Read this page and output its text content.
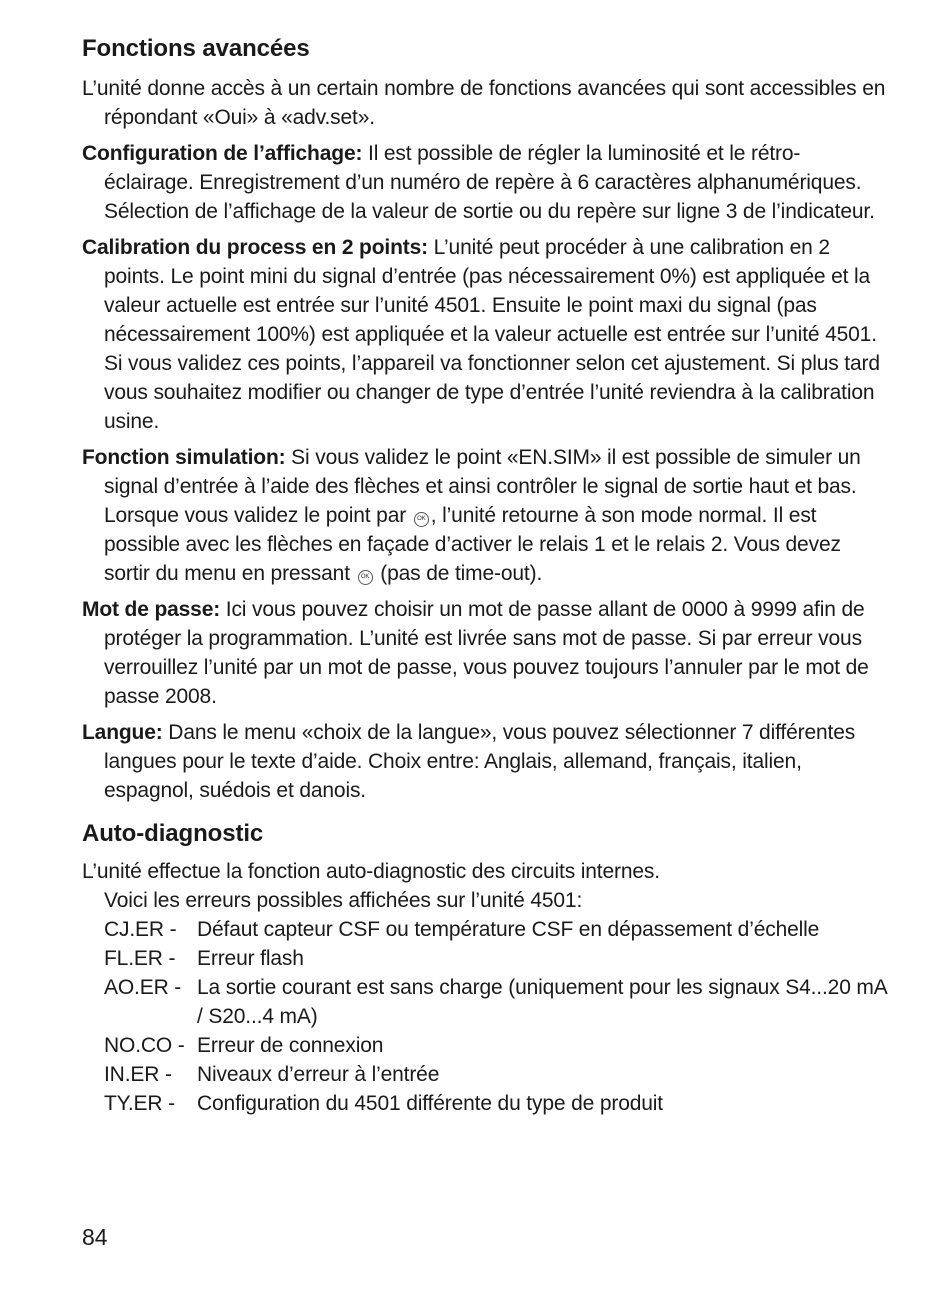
Fonctions avancées

L’unité donne accès à un certain nombre de fonctions avancées qui sont accessibles en répondant «Oui» à «adv.set».

Configuration de l’affichage: Il est possible de régler la luminosité et le rétro-éclairage. Enregistrement d’un numéro de repère à 6 caractères alphanumériques. Sélection de l’affichage de la valeur de sortie ou du repère sur ligne 3 de l’indicateur.

Calibration du process en 2 points: L’unité peut procéder à une calibration en 2 points. Le point mini du signal d’entrée (pas nécessairement 0%) est appliquée et la valeur actuelle est entrée sur l’unité 4501. Ensuite le point maxi du signal (pas nécessairement 100%) est appliquée et la valeur actuelle est entrée sur l’unité 4501. Si vous validez ces points, l’appareil va fonctionner selon cet ajustement. Si plus tard vous souhaitez modifier ou changer de type d’entrée l’unité reviendra à la calibration usine.

Fonction simulation: Si vous validez le point «EN.SIM» il est possible de simuler un signal d’entrée à l’aide des flèches et ainsi contrôler le signal de sortie haut et bas. Lorsque vous validez le point par OK , l’unité retourne à son mode normal. Il est possible avec les flèches en façade d’activer le relais 1 et le relais 2. Vous devez sortir du menu en pressant OK (pas de time-out).

Mot de passe: Ici vous pouvez choisir un mot de passe allant de 0000 à 9999 afin de protéger la programmation. L’unité est livrée sans mot de passe. Si par erreur vous verrouillez l’unité par un mot de passe, vous pouvez toujours l’annuler par le mot de passe 2008.

Langue: Dans le menu «choix de la langue», vous pouvez sélectionner 7 différentes langues pour le texte d’aide. Choix entre: Anglais, allemand, français, italien, espagnol, suédois et danois.

Auto-diagnostic

L’unité effectue la fonction auto-diagnostic des circuits internes.

Voici les erreurs possibles affichées sur l’unité 4501:

CJ.ER - Défaut capteur CSF ou température CSF en dépassement d’échelle
FL.ER -	Erreur flash
AO.ER - La sortie courant est sans charge (uniquement pour les signaux S4...20 mA / S20...4 mA)
NO.CO - Erreur de connexion
IN.ER -	Niveaux d’erreur à l’entrée
TY.ER -	Configuration du 4501 différente du type de produit
84
